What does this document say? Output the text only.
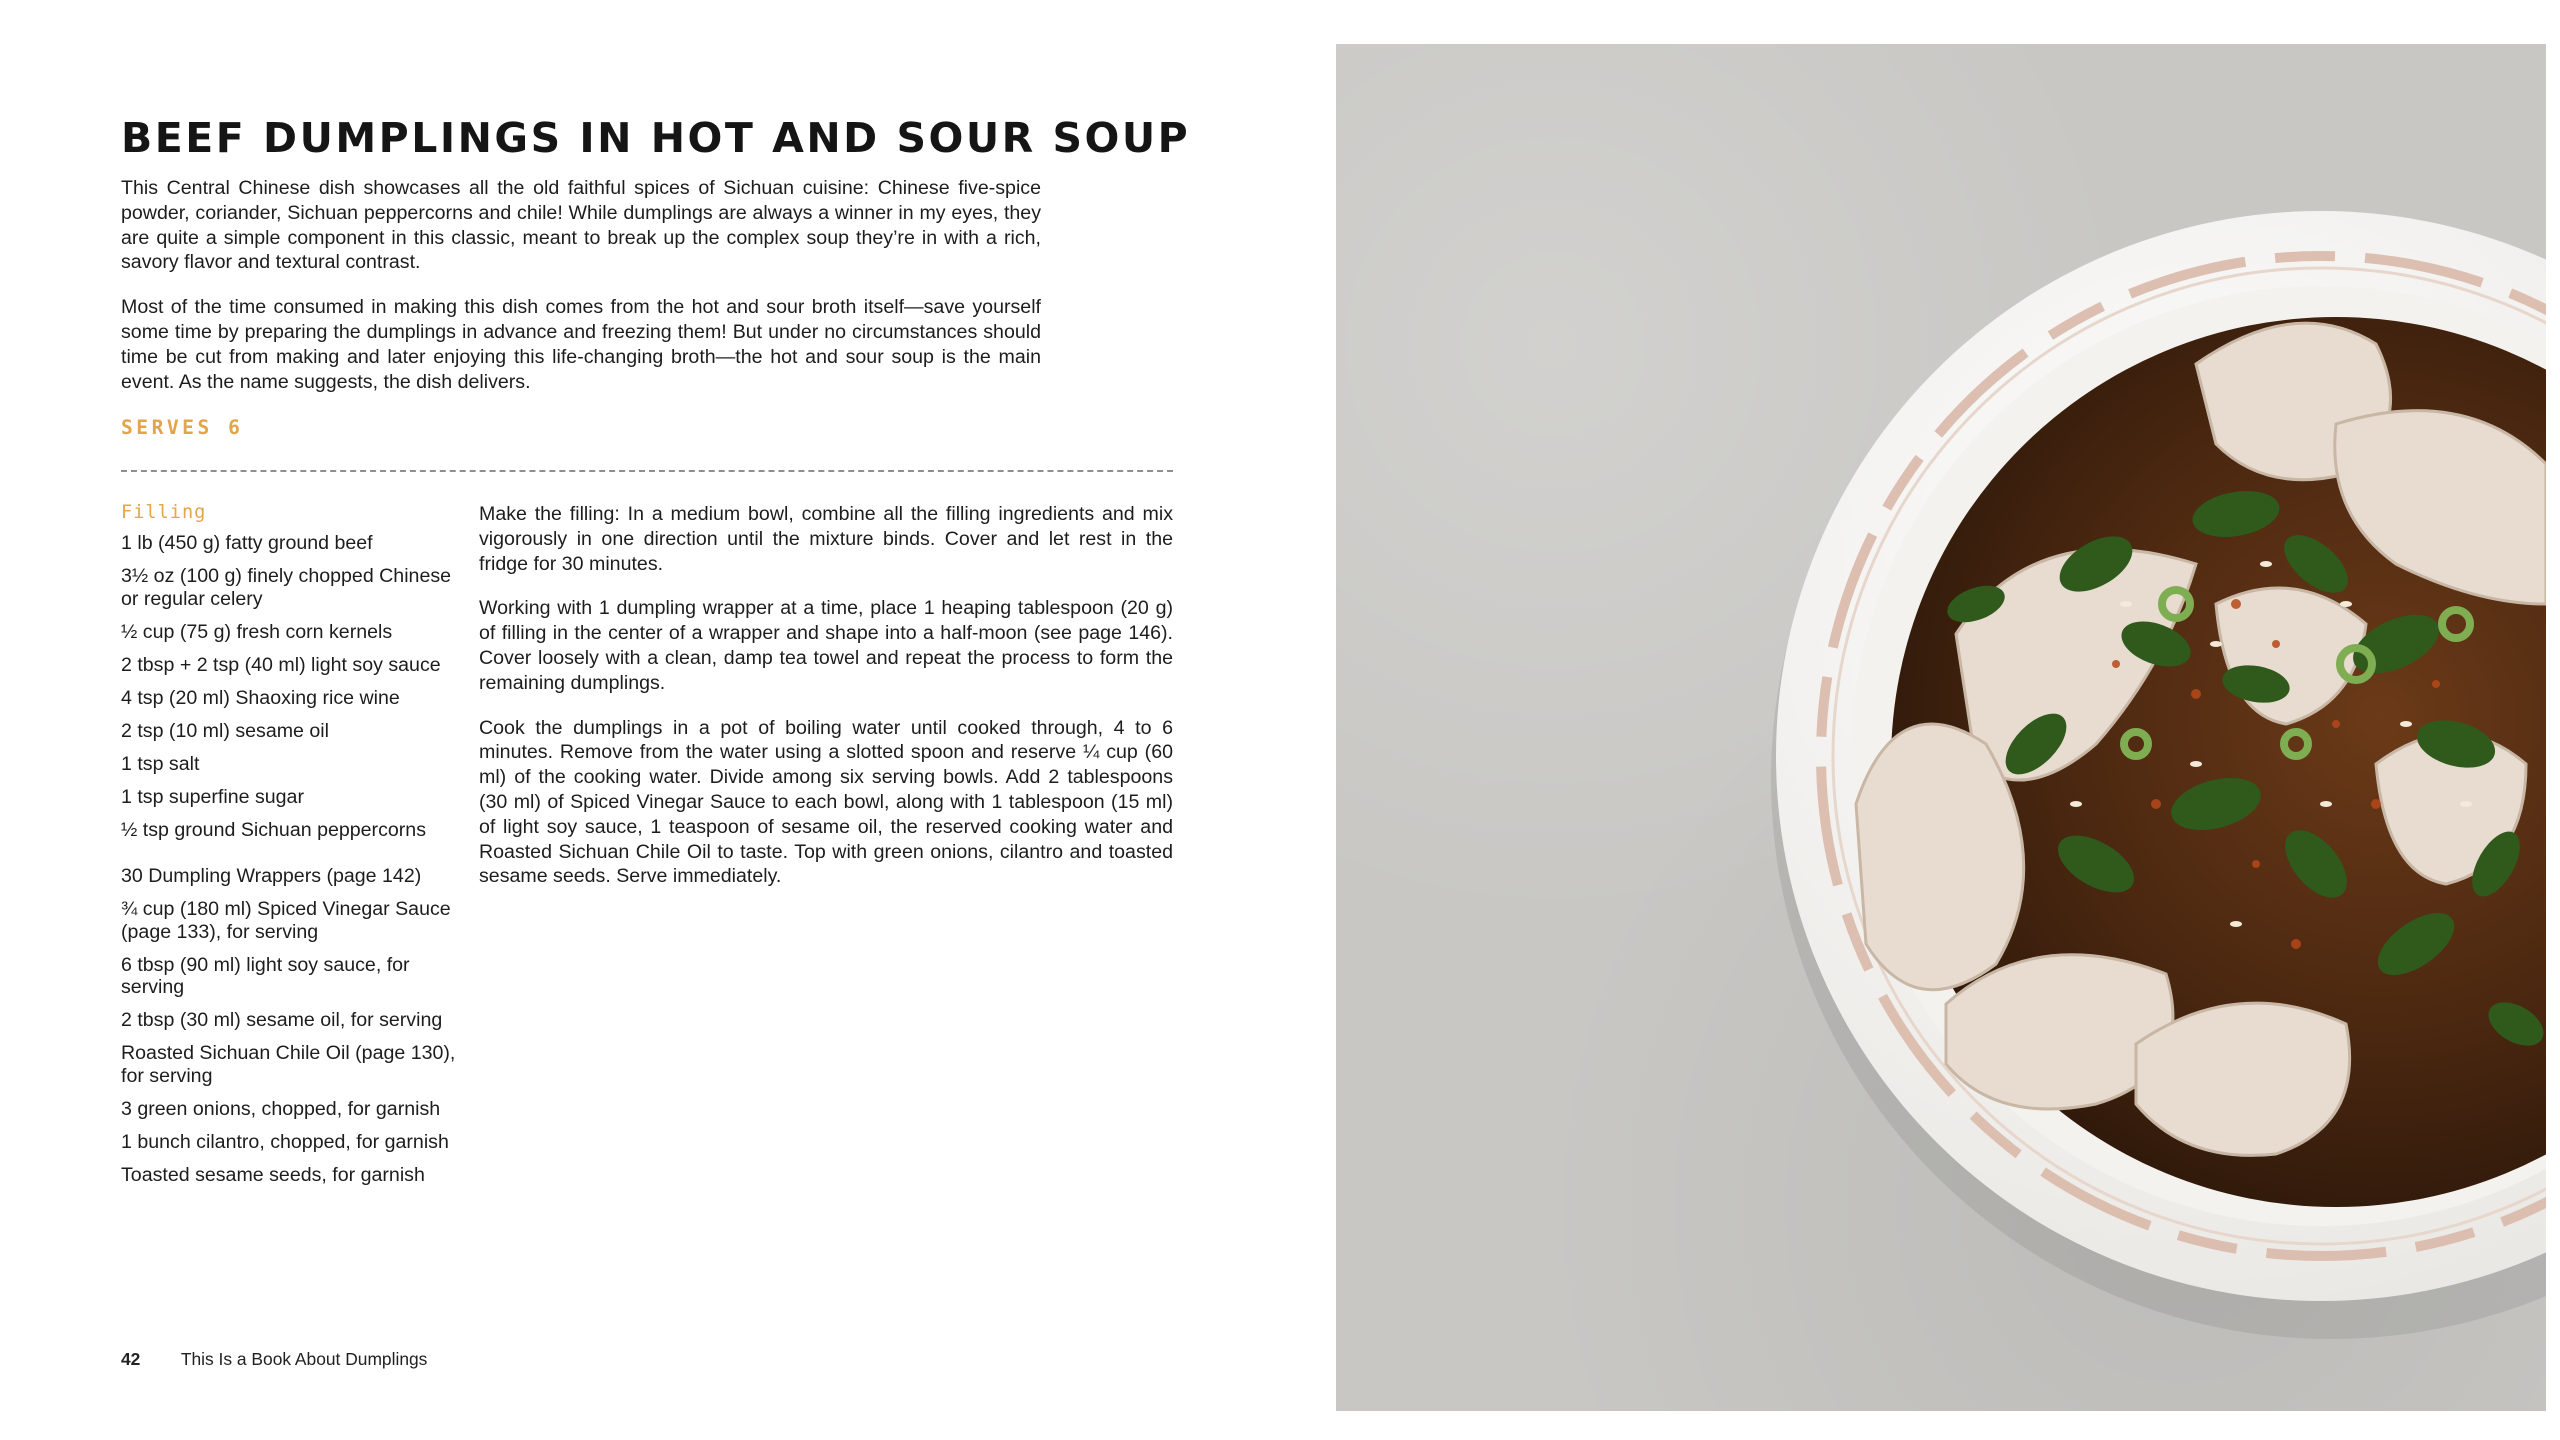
BEEF DUMPLINGS IN HOT AND SOUR SOUP

This Central Chinese dish showcases all the old faithful spices of Sichuan cuisine: Chinese five-spice powder, coriander, Sichuan peppercorns and chile! While dumplings are always a winner in my eyes, they are quite a simple component in this classic, meant to break up the complex soup they’re in with a rich, savory flavor and textural contrast.

Most of the time consumed in making this dish comes from the hot and sour broth itself—save yourself some time by preparing the dumplings in advance and freezing them! But under no circumstances should time be cut from making and later enjoying this life-changing broth—the hot and sour soup is the main event. As the name suggests, the dish delivers.

SERVES 6
Filling
1 lb (450 g) fatty ground beef
3½ oz (100 g) finely chopped Chinese or regular celery
½ cup (75 g) fresh corn kernels
2 tbsp + 2 tsp (40 ml) light soy sauce
4 tsp (20 ml) Shaoxing rice wine
2 tsp (10 ml) sesame oil
1 tsp salt
1 tsp superfine sugar
½ tsp ground Sichuan peppercorns
30 Dumpling Wrappers (page 142)
¾ cup (180 ml) Spiced Vinegar Sauce (page 133), for serving
6 tbsp (90 ml) light soy sauce, for serving
2 tbsp (30 ml) sesame oil, for serving
Roasted Sichuan Chile Oil (page 130), for serving
3 green onions, chopped, for garnish
1 bunch cilantro, chopped, for garnish
Toasted sesame seeds, for garnish

Make the filling: In a medium bowl, combine all the filling ingredients and mix vigorously in one direction until the mixture binds. Cover and let rest in the fridge for 30 minutes.

Working with 1 dumpling wrapper at a time, place 1 heaping tablespoon (20 g) of filling in the center of a wrapper and shape into a half-moon (see page 146). Cover loosely with a clean, damp tea towel and repeat the process to form the remaining dumplings.

Cook the dumplings in a pot of boiling water until cooked through, 4 to 6 minutes. Remove from the water using a slotted spoon and reserve ¼ cup (60 ml) of the cooking water. Divide among six serving bowls. Add 2 tablespoons (30 ml) of Spiced Vinegar Sauce to each bowl, along with 1 tablespoon (15 ml) of light soy sauce, 1 teaspoon of sesame oil, the reserved cooking water and Roasted Sichuan Chile Oil to taste. Top with green onions, cilantro and toasted sesame seeds. Serve immediately.

42 This Is a Book About Dumplings
